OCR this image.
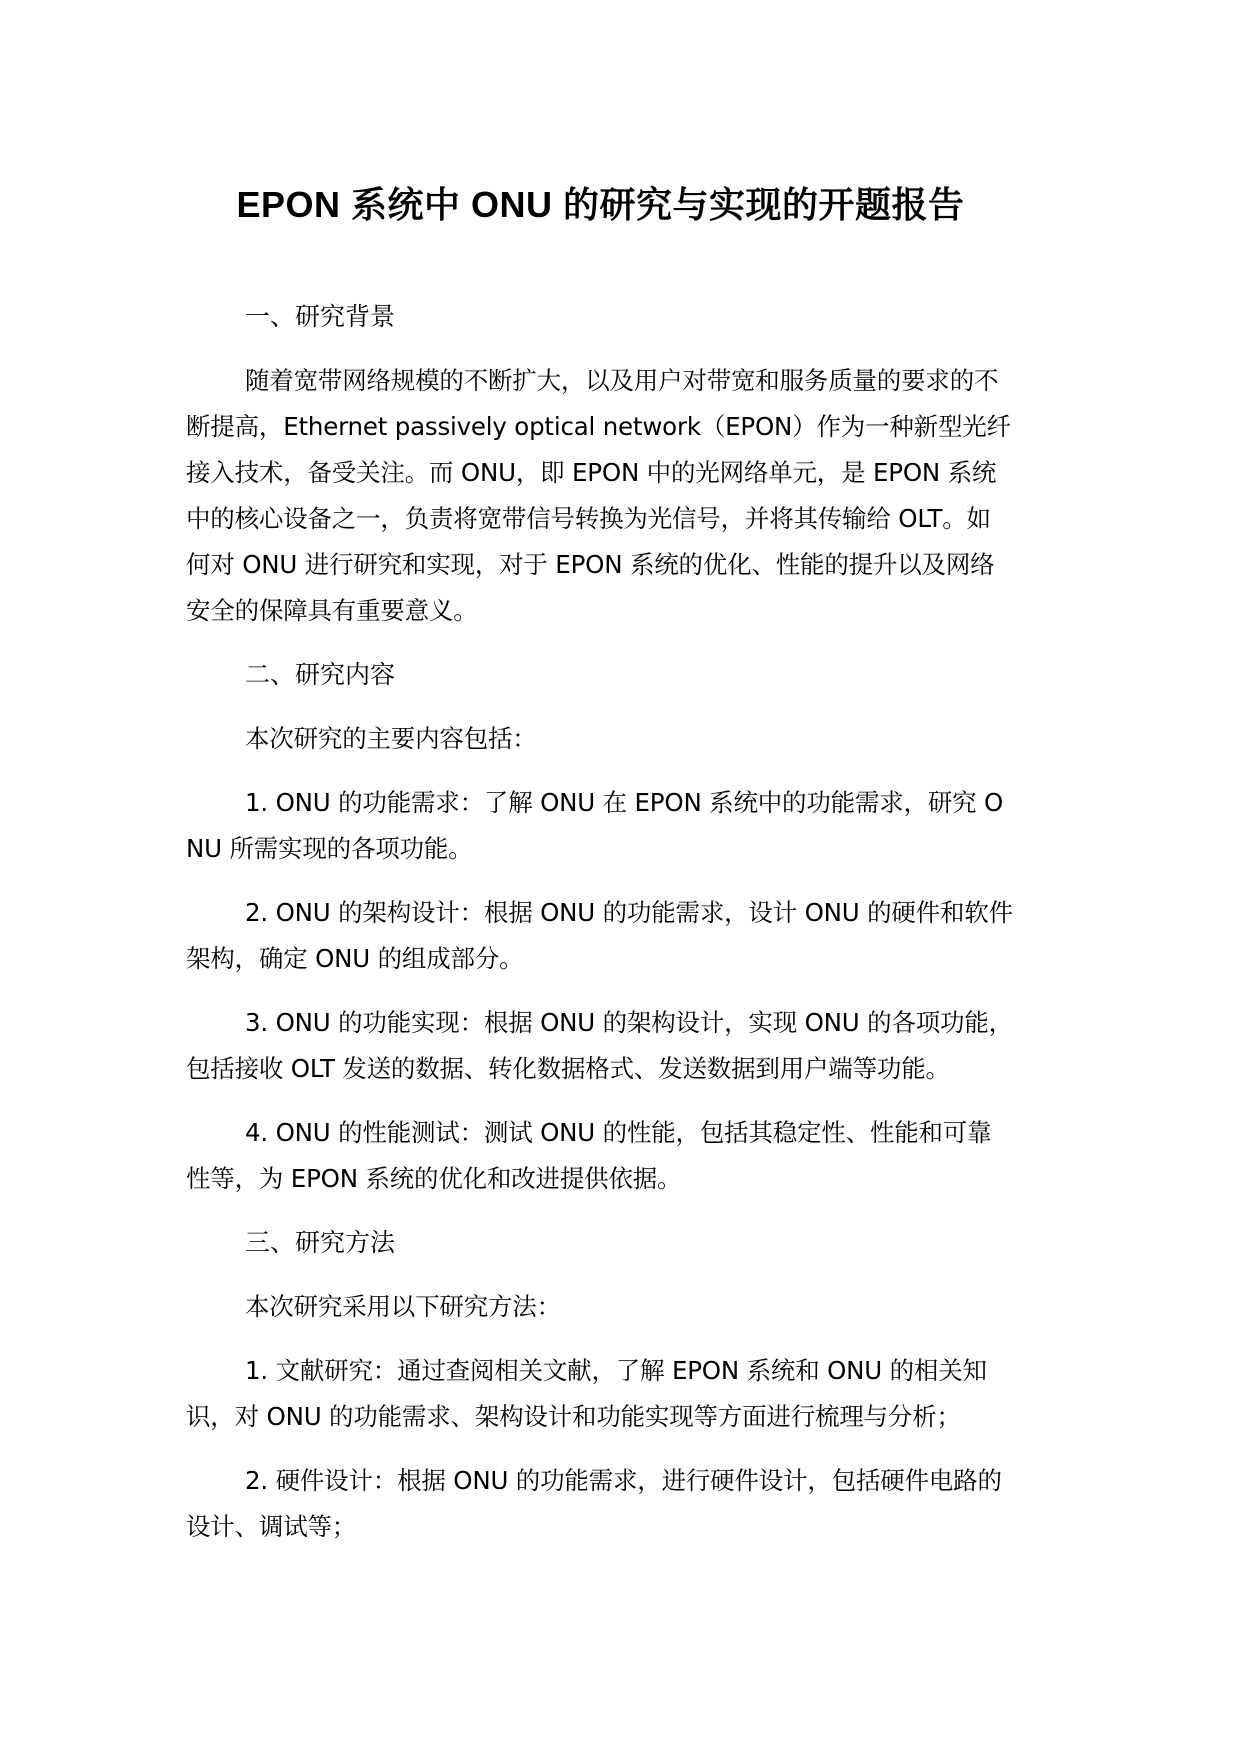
EPON 系统中 ONU 的研究与实现的开题报告
一、研究背景

随着宽带网络规模的不断扩大，以及用户对带宽和服务质量的要求的不断提高，Ethernet passively optical network（EPON）作为一种新型光纤接入技术，备受关注。而 ONU，即 EPON 中的光网络单元，是 EPON 系统中的核心设备之一，负责将宽带信号转换为光信号，并将其传输给 OLT。如何对 ONU 进行研究和实现，对于 EPON 系统的优化、性能的提升以及网络安全的保障具有重要意义。

二、研究内容

本次研究的主要内容包括：

1. ONU 的功能需求：了解 ONU 在 EPON 系统中的功能需求，研究 ONU 所需实现的各项功能。

2. ONU 的架构设计：根据 ONU 的功能需求，设计 ONU 的硬件和软件架构，确定 ONU 的组成部分。

3. ONU 的功能实现：根据 ONU 的架构设计，实现 ONU 的各项功能，包括接收 OLT 发送的数据、转化数据格式、发送数据到用户端等功能。

4. ONU 的性能测试：测试 ONU 的性能，包括其稳定性、性能和可靠性等，为 EPON 系统的优化和改进提供依据。

三、研究方法

本次研究采用以下研究方法：

1. 文献研究：通过查阅相关文献，了解 EPON 系统和 ONU 的相关知识，对 ONU 的功能需求、架构设计和功能实现等方面进行梳理与分析；

2. 硬件设计：根据 ONU 的功能需求，进行硬件设计，包括硬件电路的设计、调试等；
